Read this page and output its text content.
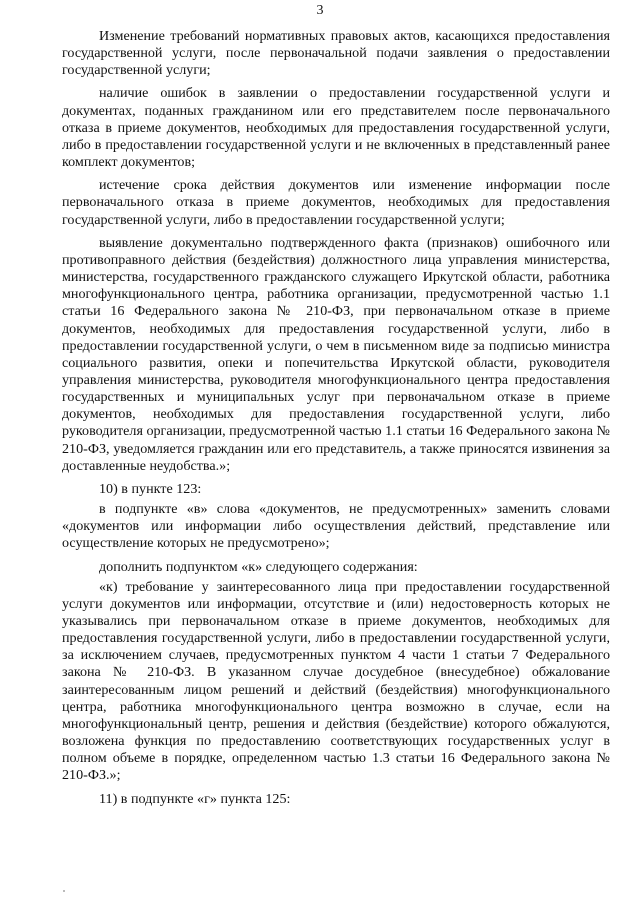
3

Изменение требований нормативных правовых актов, касающихся предоставления государственной услуги, после первоначальной подачи заявления о предоставлении государственной услуги;

наличие ошибок в заявлении о предоставлении государственной услуги и документах, поданных гражданином или его представителем после первоначального отказа в приеме документов, необходимых для предоставления государственной услуги, либо в предоставлении государственной услуги и не включенных в представленный ранее комплект документов;

истечение срока действия документов или изменение информации после первоначального отказа в приеме документов, необходимых для предоставления государственной услуги, либо в предоставлении государственной услуги;

выявление документально подтвержденного факта (признаков) ошибочного или противоправного действия (бездействия) должностного лица управления министерства, министерства, государственного гражданского служащего Иркутской области, работника многофункционального центра, работника организации, предусмотренной частью 1.1 статьи 16 Федерального закона № 210-ФЗ, при первоначальном отказе в приеме документов, необходимых для предоставления государственной услуги, либо в предоставлении государственной услуги, о чем в письменном виде за подписью министра социального развития, опеки и попечительства Иркутской области, руководителя управления министерства, руководителя многофункционального центра предоставления государственных и муниципальных услуг при первоначальном отказе в приеме документов, необходимых для предоставления государственной услуги, либо руководителя организации, предусмотренной частью 1.1 статьи 16 Федерального закона № 210-ФЗ, уведомляется гражданин или его представитель, а также приносятся извинения за доставленные неудобства.»;

10) в пункте 123:

в подпункте «в» слова «документов, не предусмотренных» заменить словами «документов или информации либо осуществления действий, представление или осуществление которых не предусмотрено»;

дополнить подпунктом «к» следующего содержания:

«к) требование у заинтересованного лица при предоставлении государственной услуги документов или информации, отсутствие и (или) недостоверность которых не указывались при первоначальном отказе в приеме документов, необходимых для предоставления государственной услуги, либо в предоставлении государственной услуги, за исключением случаев, предусмотренных пунктом 4 части 1 статьи 7 Федерального закона № 210-ФЗ. В указанном случае досудебное (внесудебное) обжалование заинтересованным лицом решений и действий (бездействия) многофункционального центра, работника многофункционального центра возможно в случае, если на многофункциональный центр, решения и действия (бездействие) которого обжалуются, возложена функция по предоставлению соответствующих государственных услуг в полном объеме в порядке, определенном частью 1.3 статьи 16 Федерального закона № 210-ФЗ.»;

11) в подпункте «г» пункта 125:
